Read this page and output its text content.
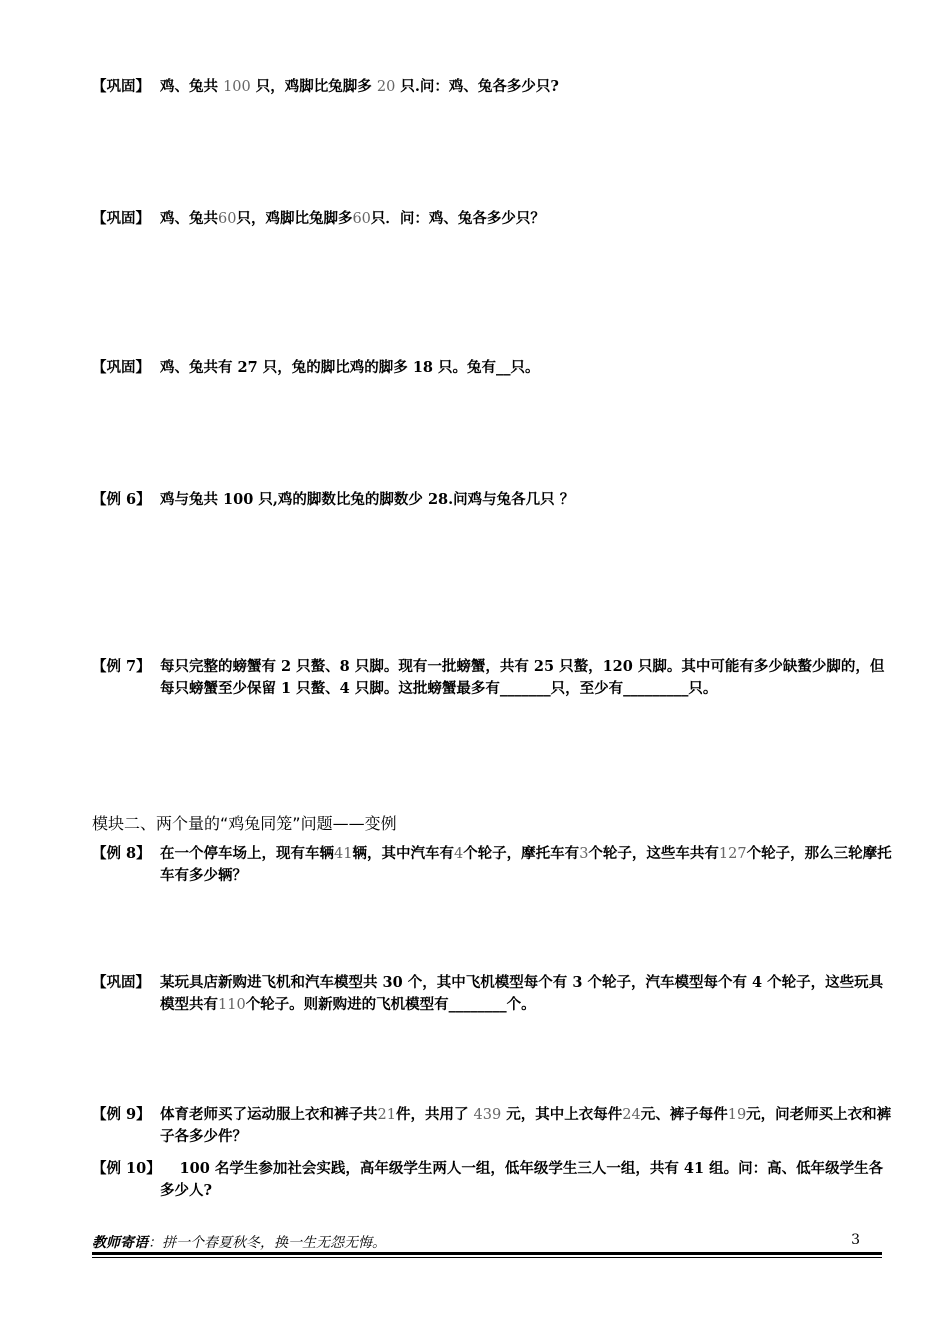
【巩固】 鸡、兔共 100 只，鸡脚比兔脚多 20 只.问：鸡、兔各多少只?
【巩固】 鸡、兔共60只，鸡脚比兔脚多60只．问：鸡、兔各多少只？
【巩固】 鸡、兔共有 27 只，兔的脚比鸡的脚多 18 只。兔有__只。
【例 6】 鸡与兔共 100 只,鸡的脚数比兔的脚数少 28.问鸡与兔各几只 ？
【例 7】 每只完整的螃蟹有 2 只螯、8 只脚。现有一批螃蟹，共有 25 只螯，120 只脚。其中可能有多少缺螯少脚的，但每只螃蟹至少保留 1 只螯、4 只脚。这批螃蟹最多有_______只，至少有_________只。
模块二、两个量的“鸡兔同笼”问题——变例
【例 8】 在一个停车场上，现有车辆41辆，其中汽车有4个轮子，摩托车有3个轮子，这些车共有127个轮子，那么三轮摩托车有多少辆？
【巩固】 某玩具店新购进飞机和汽车模型共 30 个，其中飞机模型每个有 3 个轮子，汽车模型每个有 4 个轮子，这些玩具模型共有110个轮子。则新购进的飞机模型有________个。
【例 9】 体育老师买了运动服上衣和裤子共21件，共用了 439 元，其中上衣每件24元、裤子每件19元，问老师买上衣和裤子各多少件？
【例 10】 　 100 名学生参加社会实践，高年级学生两人一组，低年级学生三人一组，共有 41 组。问：高、低年级学生各多少人?
教师寄语：拼一个春夏秋冬，换一生无怨无悔。	3
